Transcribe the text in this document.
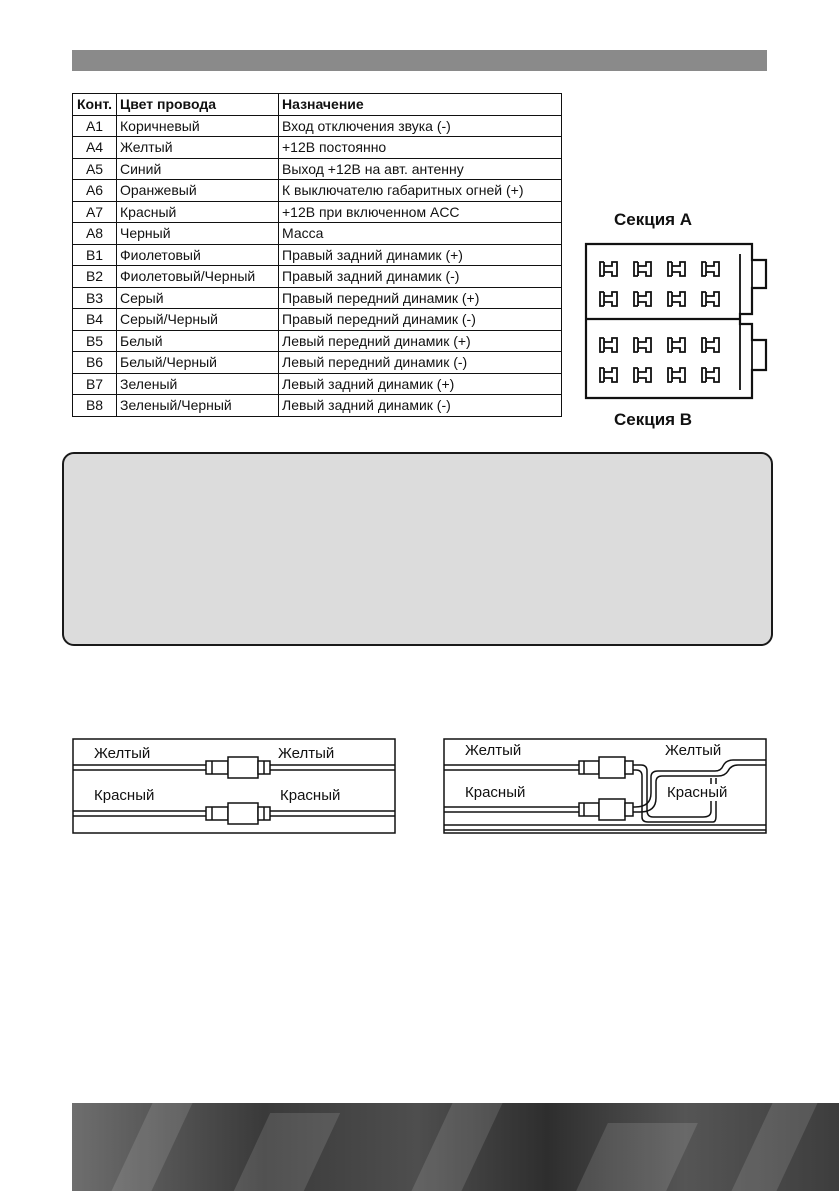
Конт.	Цвет провода	Назначение
A1	Коричневый	Вход отключения звука (-)
A4	Желтый	+12В постоянно
A5	Синий	Выход +12В на авт. антенну
A6	Оранжевый	К выключателю габаритных огней (+)
A7	Красный	+12В при включенном ACC
A8	Черный	Масса
B1	Фиолетовый	Правый задний динамик (+)
B2	Фиолетовый/Черный	Правый задний динамик (-)
B3	Серый	Правый передний динамик (+)
B4	Серый/Черный	Правый передний динамик (-)
B5	Белый	Левый передний динамик (+)
B6	Белый/Черный	Левый передний динамик (-)
B7	Зеленый	Левый задний динамик (+)
B8	Зеленый/Черный	Левый задний динамик (-)
Секция А
Секция В
Желтый	Желтый
Красный	Красный
Желтый	Желтый
Красный	Красный
